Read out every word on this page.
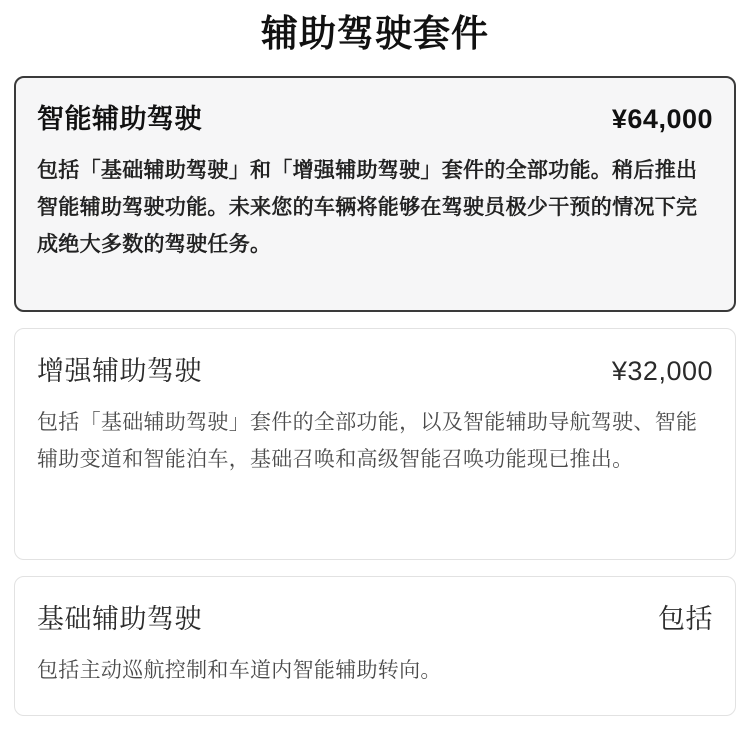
辅助驾驶套件
智能辅助驾驶	¥64,000
包括「基础辅助驾驶」和「增强辅助驾驶」套件的全部功能。稍后推出智能辅助驾驶功能。未来您的车辆将能够在驾驶员极少干预的情况下完成绝大多数的驾驶任务。
增强辅助驾驶	¥32,000
包括「基础辅助驾驶」套件的全部功能，以及智能辅助导航驾驶、智能辅助变道和智能泊车，基础召唤和高级智能召唤功能现已推出。
基础辅助驾驶	包括
包括主动巡航控制和车道内智能辅助转向。
